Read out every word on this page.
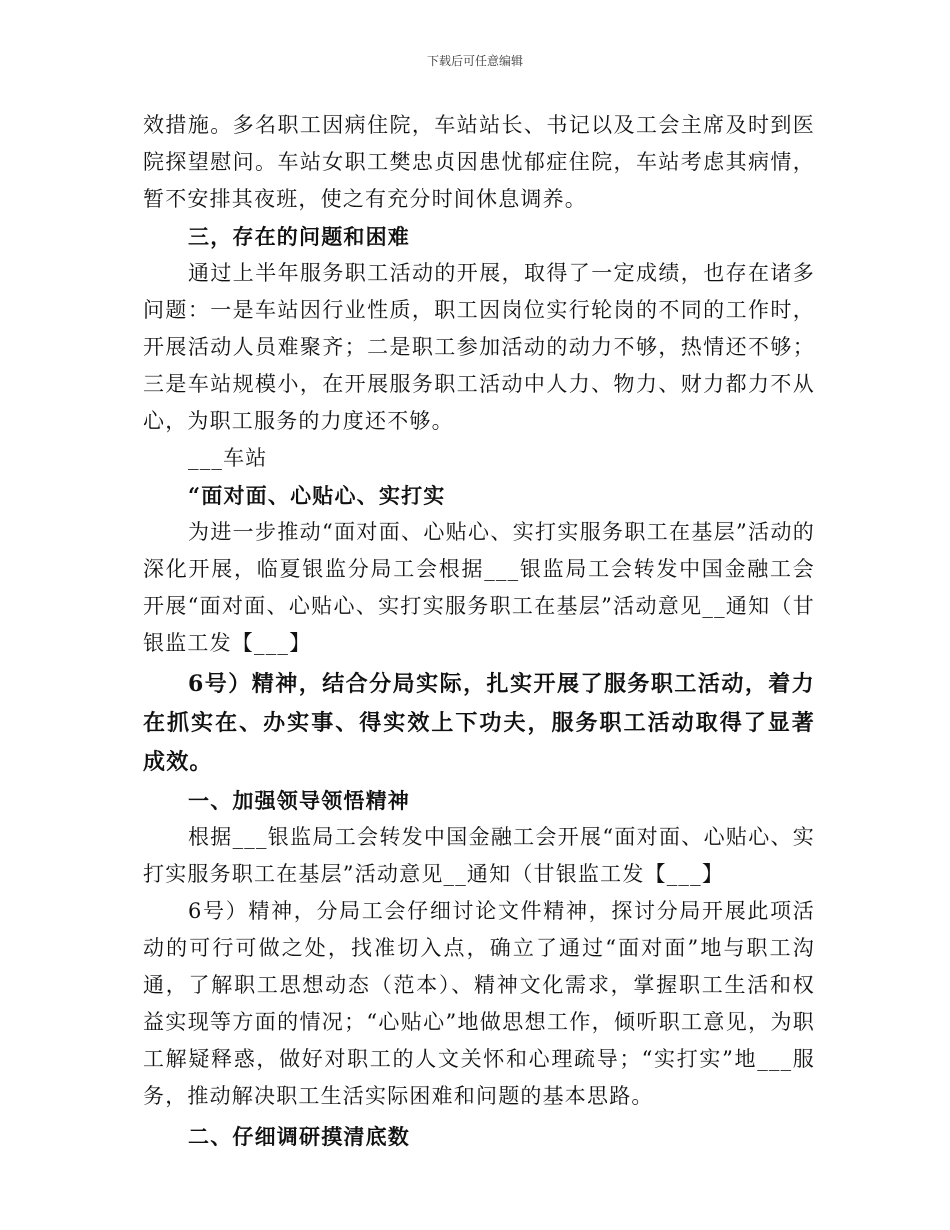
下载后可任意编辑

效措施。多名职工因病住院，车站站长、书记以及工会主席及时到医院探望慰问。车站女职工樊忠贞因患忧郁症住院，车站考虑其病情，暂不安排其夜班，使之有充分时间休息调养。

三，存在的问题和困难

通过上半年服务职工活动的开展，取得了一定成绩，也存在诸多问题：一是车站因行业性质，职工因岗位实行轮岗的不同的工作时，开展活动人员难聚齐；二是职工参加活动的动力不够，热情还不够；三是车站规模小，在开展服务职工活动中人力、物力、财力都力不从心，为职工服务的力度还不够。

___车站

“面对面、心贴心、实打实

为进一步推动“面对面、心贴心、实打实服务职工在基层”活动的深化开展，临夏银监分局工会根据___银监局工会转发中国金融工会开展“面对面、心贴心、实打实服务职工在基层”活动意见__通知（甘银监工发【___】

6号）精神，结合分局实际，扎实开展了服务职工活动，着力在抓实在、办实事、得实效上下功夫，服务职工活动取得了显著成效。

一、加强领导领悟精神

根据___银监局工会转发中国金融工会开展“面对面、心贴心、实打实服务职工在基层”活动意见__通知（甘银监工发【___】

6号）精神，分局工会仔细讨论文件精神，探讨分局开展此项活动的可行可做之处，找准切入点，确立了通过“面对面”地与职工沟通，了解职工思想动态（范本）、精神文化需求，掌握职工生活和权益实现等方面的情况；“心贴心”地做思想工作，倾听职工意见，为职工解疑释惑，做好对职工的人文关怀和心理疏导；“实打实”地___服务，推动解决职工生活实际困难和问题的基本思路。

二、仔细调研摸清底数
